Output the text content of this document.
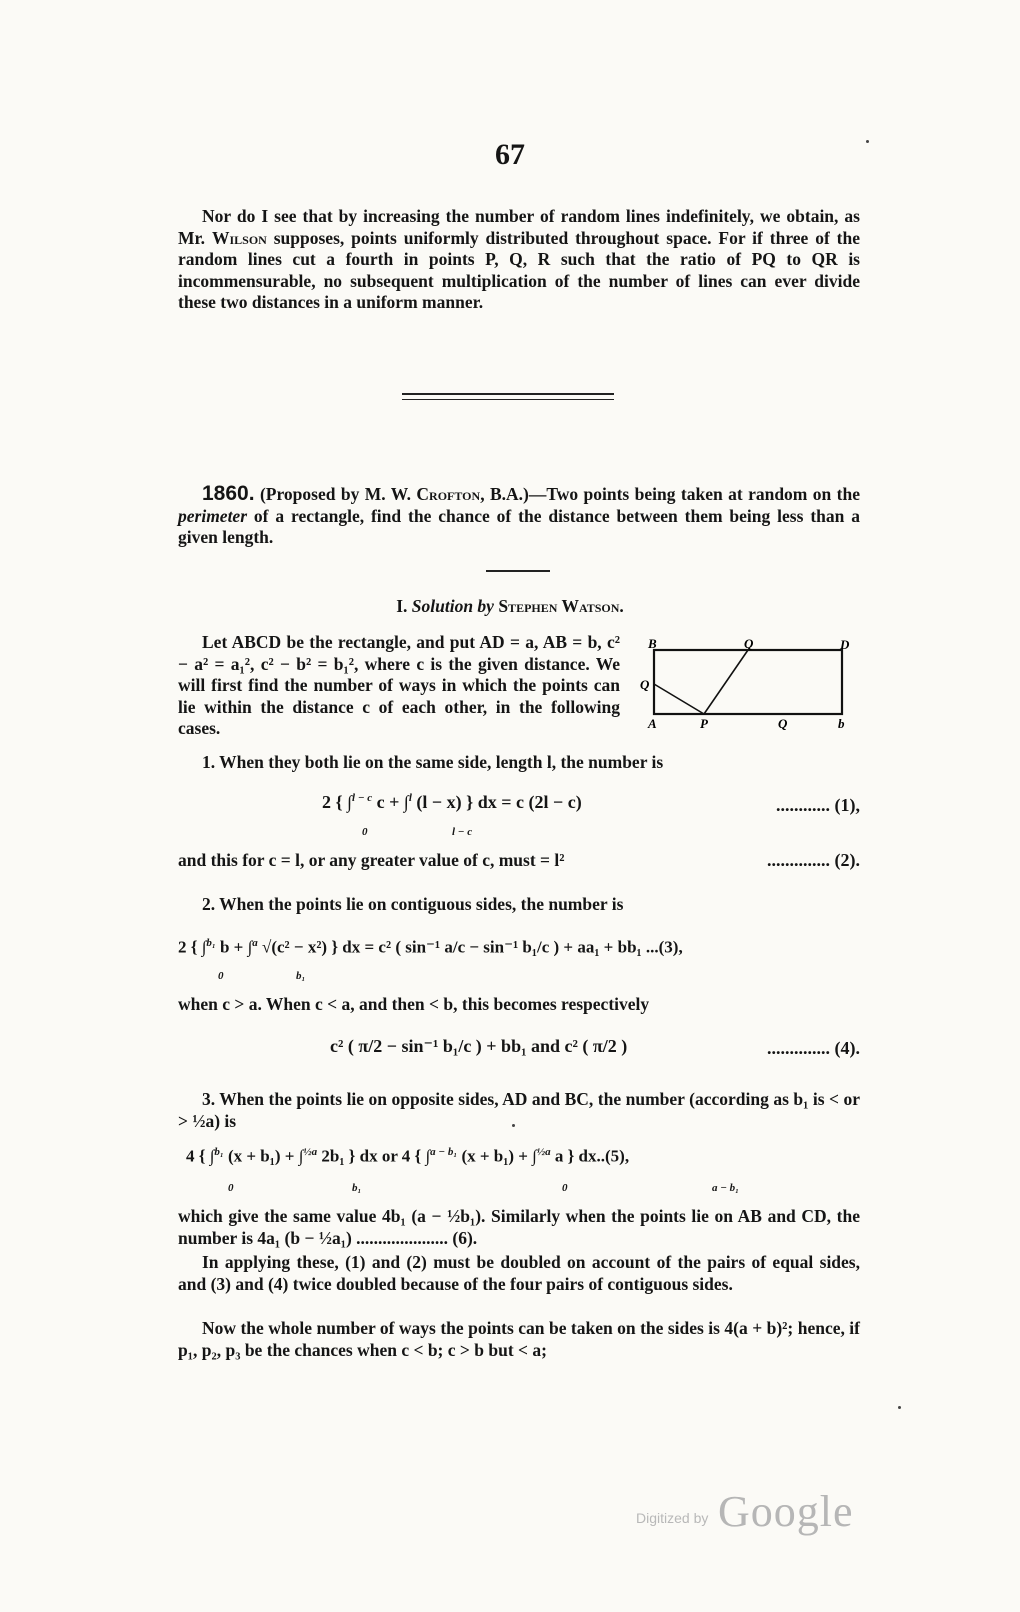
67
Nor do I see that by increasing the number of random lines indefinitely, we obtain, as Mr. Wilson supposes, points uniformly distributed throughout space. For if three of the random lines cut a fourth in points P, Q, R such that the ratio of PQ to QR is incommensurable, no subsequent multiplication of the number of lines can ever divide these two distances in a uniform manner.
1860. (Proposed by M. W. Crofton, B.A.)—Two points being taken at random on the perimeter of a rectangle, find the chance of the distance between them being less than a given length.
I. Solution by Stephen Watson.
Let ABCD be the rectangle, and put AD = a, AB = b, c² − a² = a₁², c² − b² = b₁², where c is the given distance. We will first find the number of ways in which the points can lie within the distance c of each other, in the following cases.
B	Q	D
Q
A	P	Q	b
1. When they both lie on the same side, length l, the number is
2 { ∫$^{l - c}$ c + ∫$^l$ (l − x) } dx = c (2l − c)
0	l − c
............ (1),
and this for c = l, or any greater value of c, must = l²	.............. (2).
2. When the points lie on contiguous sides, the number is
2 { ∫$^{b_1}$ b + ∫$^a$ √(c² − x²) } dx = c² ( sin⁻¹ a/c − sin⁻¹ b₁/c ) + aa₁ + bb₁ ...(3),
0	b₁
when c > a. When c < a, and then < b, this becomes respectively
c² ( π/2 − sin⁻¹ b₁/c ) + bb₁ and c² ( π/2 )	.............. (4).
3. When the points lie on opposite sides, AD and BC, the number (according as b₁ is < or > ½a) is
4 { ∫$^{b_1}$ (x + b₁) + ∫$^{\frac{1}{2}a}$ 2b₁ } dx or 4 { ∫$^{a - b_1}$ (x + b₁) + ∫$^{\frac{1}{2}a}$ a } dx..(5),
0	b₁	0	a − b₁
which give the same value 4b₁ (a − ½b₁). Similarly when the points lie on AB and CD, the number is 4a₁ (b − ½a₁) ..................... (6).
In applying these, (1) and (2) must be doubled on account of the pairs of equal sides, and (3) and (4) twice doubled because of the four pairs of contiguous sides.
Now the whole number of ways the points can be taken on the sides is 4(a + b)²; hence, if p₁, p₂, p₃ be the chances when c < b; c > b but < a;
Digitized by Google
